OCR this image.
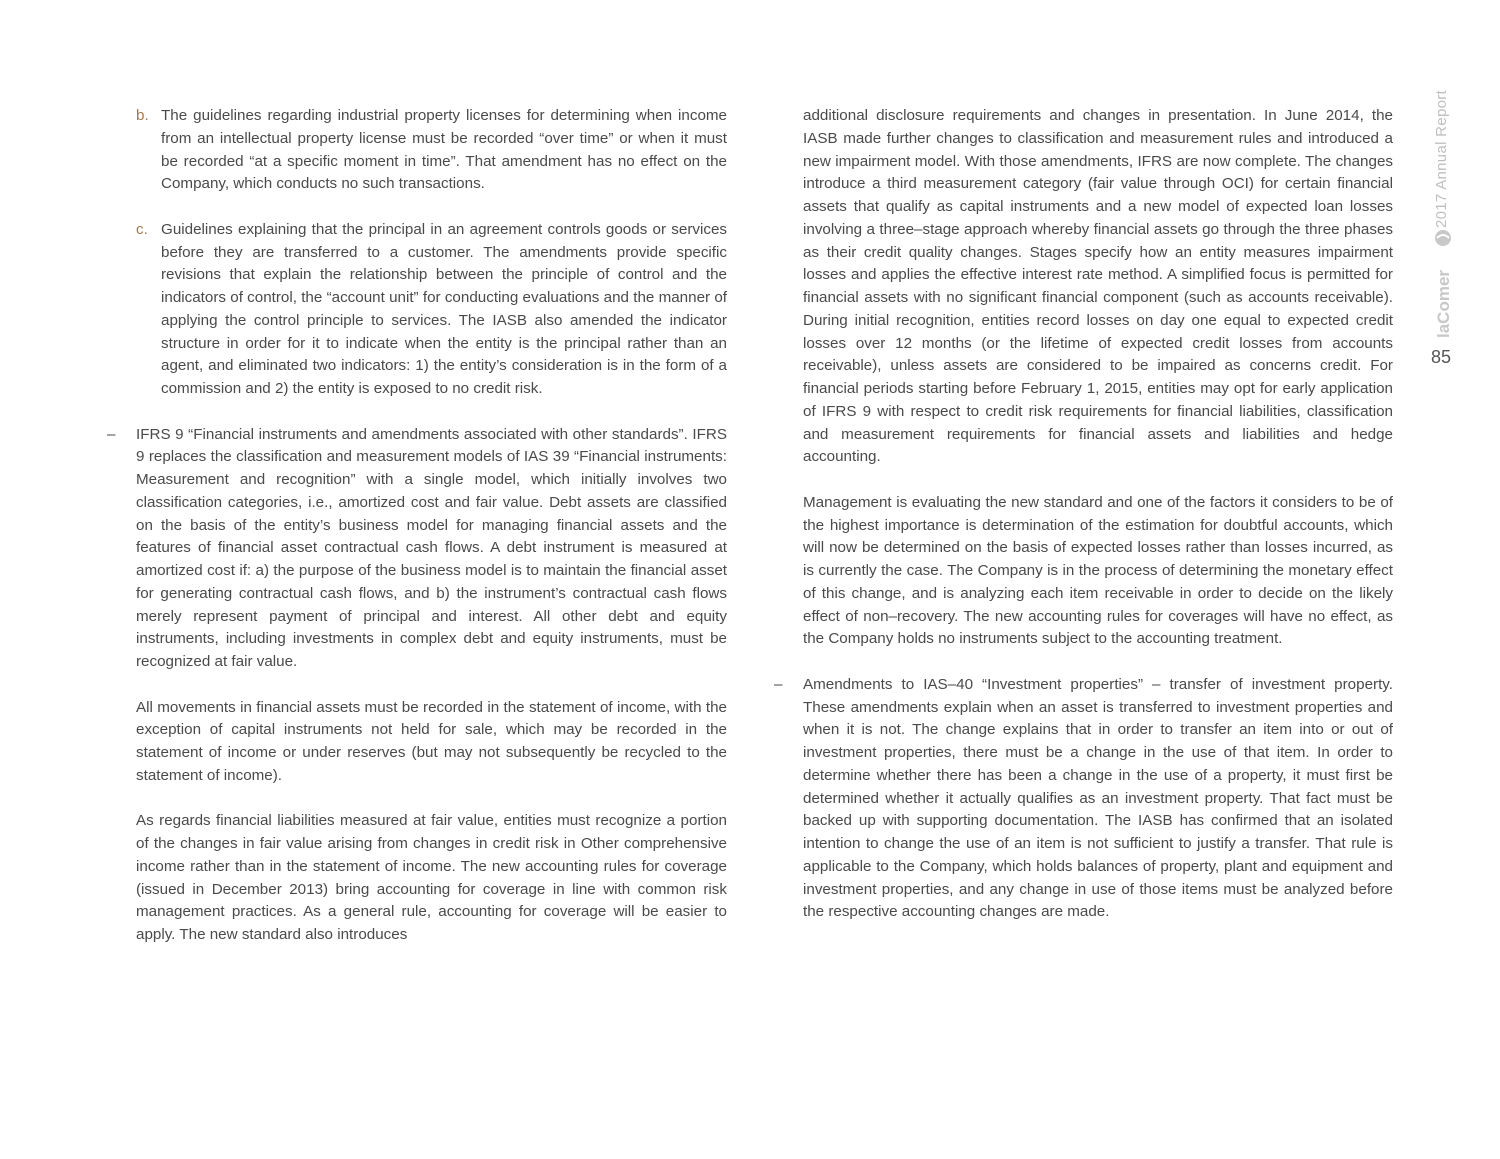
b. The guidelines regarding industrial property licenses for determining when income from an intellectual property license must be recorded “over time” or when it must be recorded “at a specific moment in time”. That amendment has no effect on the Company, which conducts no such transactions.

c. Guidelines explaining that the principal in an agreement controls goods or services before they are transferred to a customer. The amendments provide specific revisions that explain the relationship between the principle of control and the indicators of control, the “account unit” for conducting evaluations and the manner of applying the control principle to services. The IASB also amended the indicator structure in order for it to indicate when the entity is the principal rather than an agent, and eliminated two indicators: 1) the entity’s consideration is in the form of a commission and 2) the entity is exposed to no credit risk.

– IFRS 9 “Financial instruments and amendments associated with other standards”. IFRS 9 replaces the classification and measurement models of IAS 39 “Financial instruments: Measurement and recognition” with a single model, which initially involves two classification categories, i.e., amortized cost and fair value. Debt assets are classified on the basis of the entity’s business model for managing financial assets and the features of financial asset contractual cash flows. A debt instrument is measured at amortized cost if: a) the purpose of the business model is to maintain the financial asset for generating contractual cash flows, and b) the instrument’s contractual cash flows merely represent payment of principal and interest. All other debt and equity instruments, including investments in complex debt and equity instruments, must be recognized at fair value.

All movements in financial assets must be recorded in the statement of income, with the exception of capital instruments not held for sale, which may be recorded in the statement of income or under reserves (but may not subsequently be recycled to the statement of income).

As regards financial liabilities measured at fair value, entities must recognize a portion of the changes in fair value arising from changes in credit risk in Other comprehensive income rather than in the statement of income. The new accounting rules for coverage (issued in December 2013) bring accounting for coverage in line with common risk management practices. As a general rule, accounting for coverage will be easier to apply. The new standard also introduces

additional disclosure requirements and changes in presentation. In June 2014, the IASB made further changes to classification and measurement rules and introduced a new impairment model. With those amendments, IFRS are now complete. The changes introduce a third measurement category (fair value through OCI) for certain financial assets that qualify as capital instruments and a new model of expected loan losses involving a three–stage approach whereby financial assets go through the three phases as their credit quality changes. Stages specify how an entity measures impairment losses and applies the effective interest rate method. A simplified focus is permitted for financial assets with no significant financial component (such as accounts receivable). During initial recognition, entities record losses on day one equal to expected credit losses over 12 months (or the lifetime of expected credit losses from accounts receivable), unless assets are considered to be impaired as concerns credit. For financial periods starting before February 1, 2015, entities may opt for early application of IFRS 9 with respect to credit risk requirements for financial liabilities, classification and measurement requirements for financial assets and liabilities and hedge accounting.

Management is evaluating the new standard and one of the factors it considers to be of the highest importance is determination of the estimation for doubtful accounts, which will now be determined on the basis of expected losses rather than losses incurred, as is currently the case. The Company is in the process of determining the monetary effect of this change, and is analyzing each item receivable in order to decide on the likely effect of non–recovery. The new accounting rules for coverages will have no effect, as the Company holds no instruments subject to the accounting treatment.

– Amendments to IAS–40 “Investment properties” – transfer of investment property. These amendments explain when an asset is transferred to investment properties and when it is not. The change explains that in order to transfer an item into or out of investment properties, there must be a change in the use of that item. In order to determine whether there has been a change in the use of a property, it must first be determined whether it actually qualifies as an investment property. That fact must be backed up with supporting documentation. The IASB has confirmed that an isolated intention to change the use of an item is not sufficient to justify a transfer. That rule is applicable to the Company, which holds balances of property, plant and equipment and investment properties, and any change in use of those items must be analyzed before the respective accounting changes are made.

2017 Annual Report
laComer
85
